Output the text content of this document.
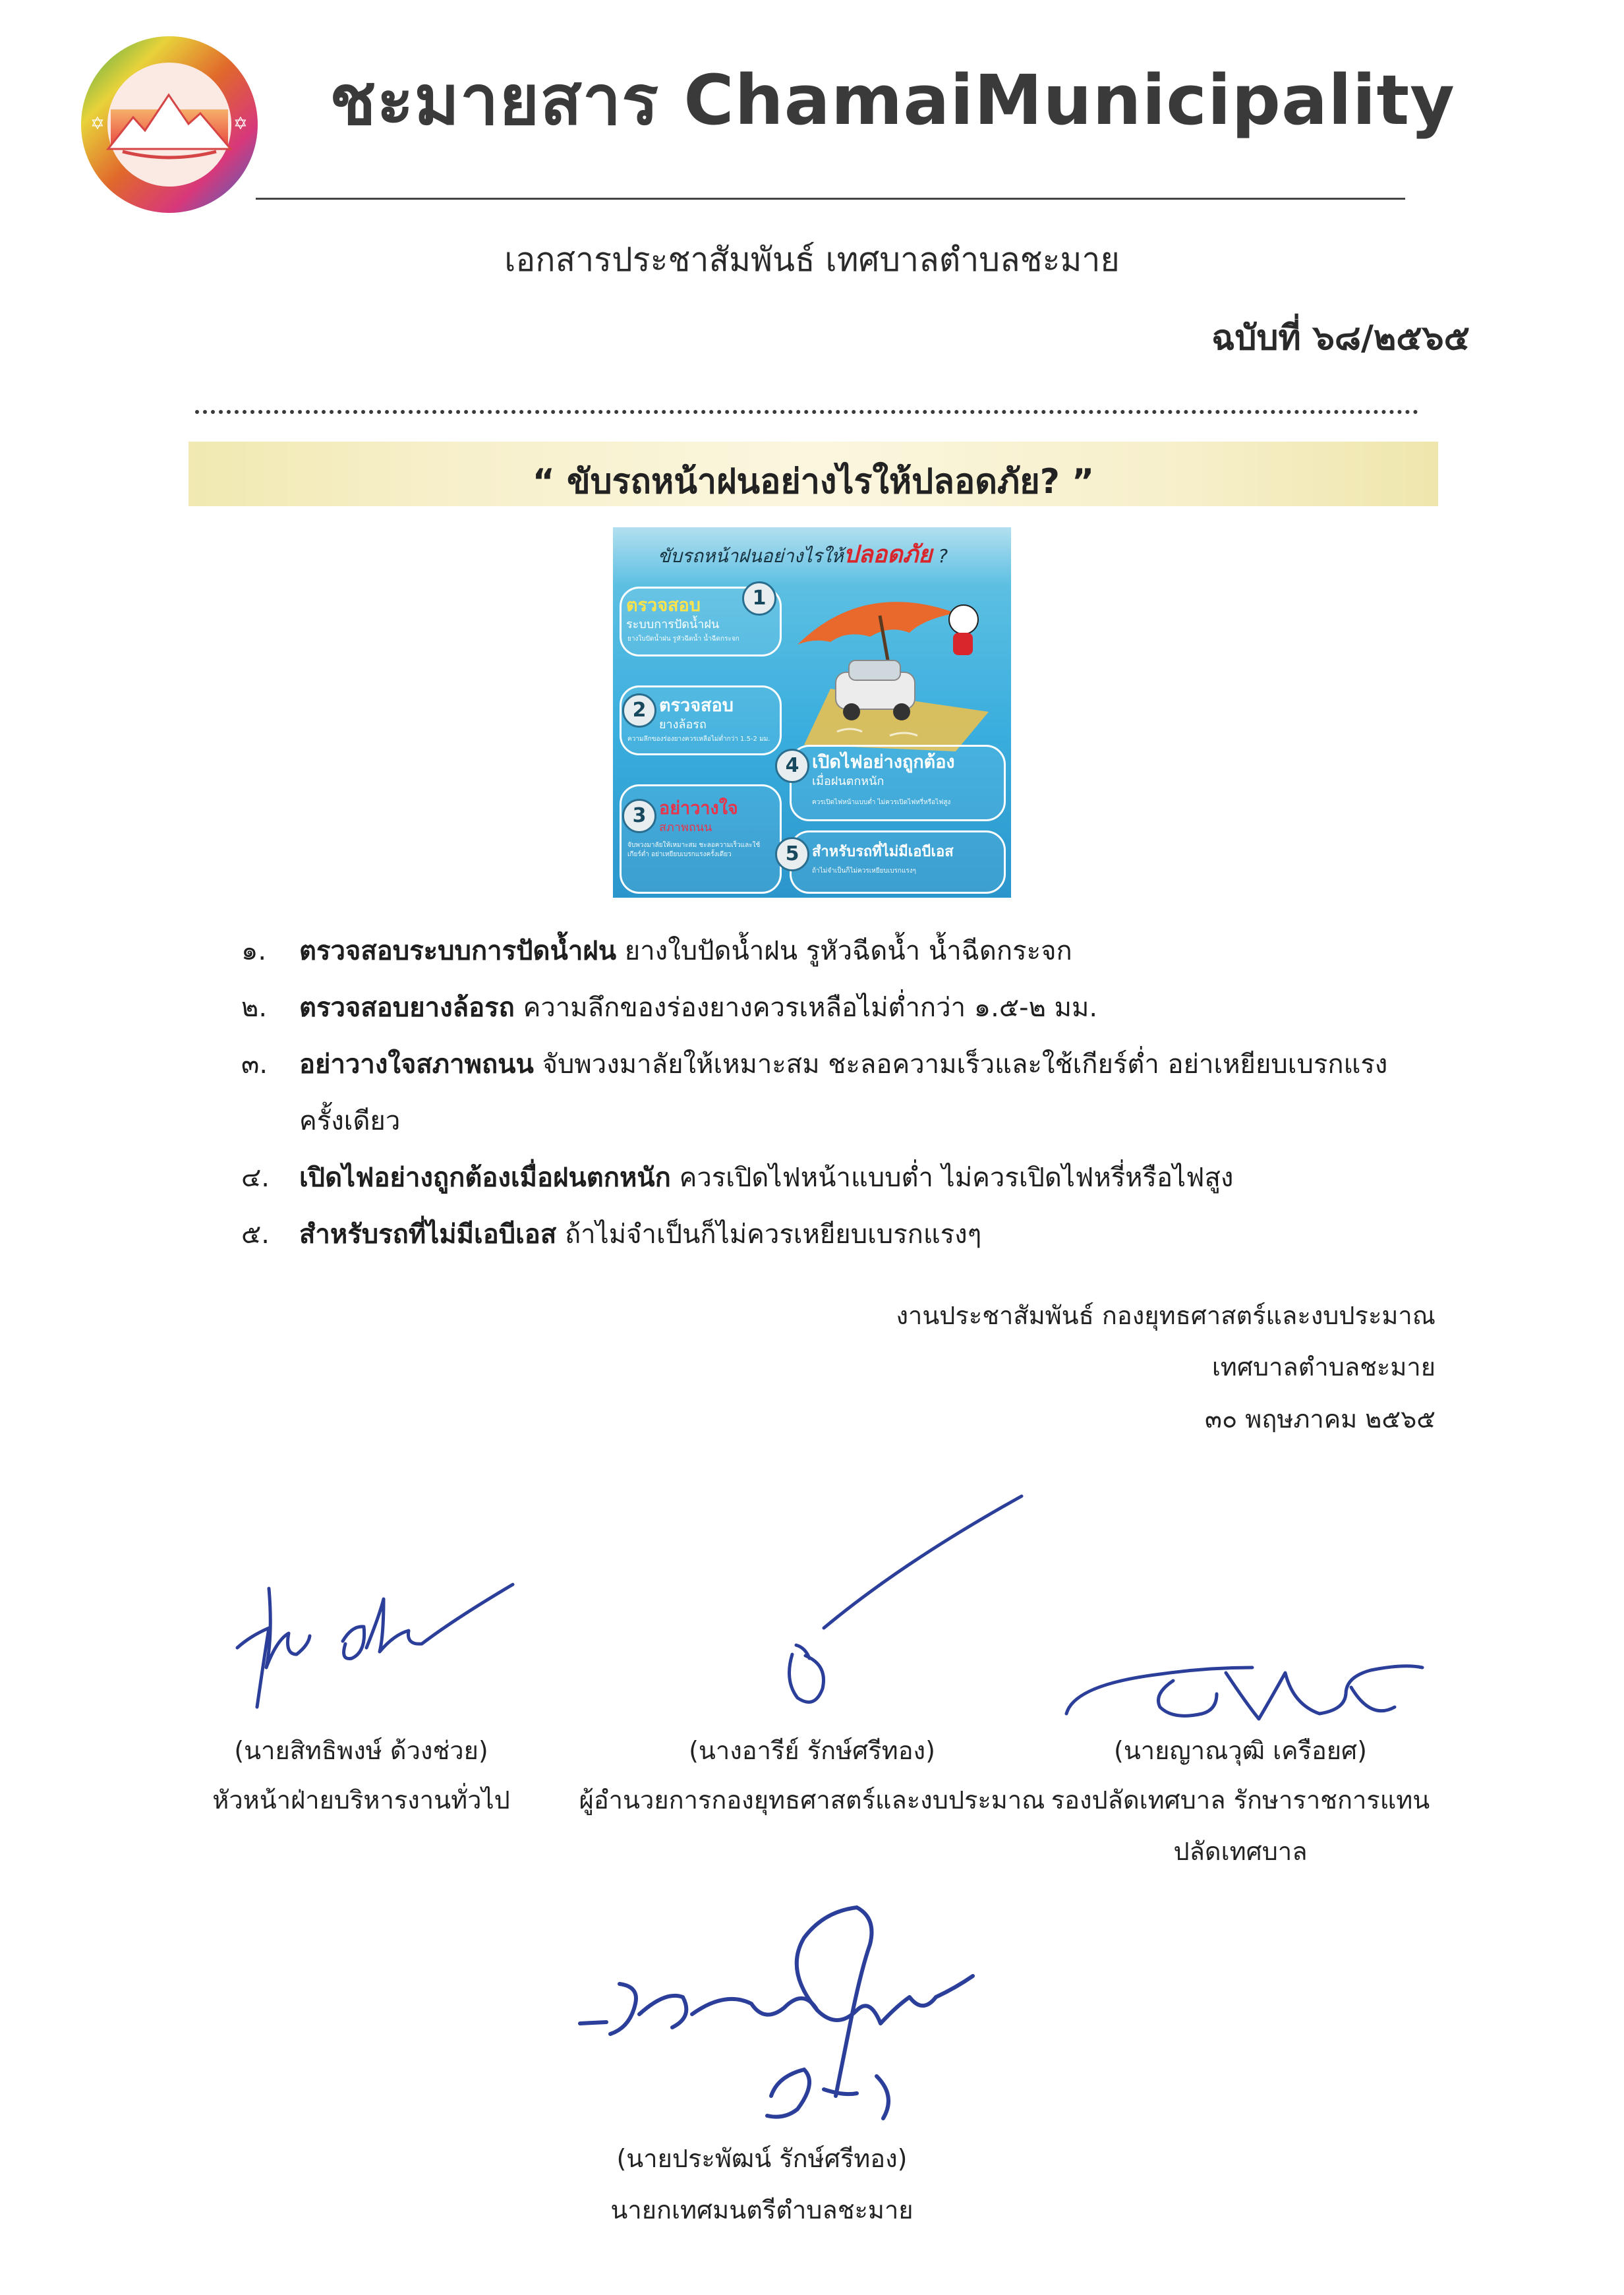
✡	✡ ชะมายสาร ChamaiMunicipality
เอกสารประชาสัมพันธ์ เทศบาลตำบลชะมาย
ฉบับที่ ๖๘/๒๕๖๕
“ ขับรถหน้าฝนอย่างไรให้ปลอดภัย? ”
ขับรถหน้าฝนอย่างไรให้ปลอดภัย ?
1
ตรวจสอบ
ระบบการปัดน้ำฝน
ยางใบปัดน้ำฝน รูหัวฉีดน้ำ น้ำฉีดกระจก
2 ตรวจสอบ
ยางล้อรถ
ความลึกของร่องยางควรเหลือไม่ต่ำกว่า 1.5-2 มม.
3 อย่าวางใจ
สภาพถนน
จับพวงมาลัยให้เหมาะสม ชะลอความเร็วและใช้เกียร์ต่ำ อย่าเหยียบเบรกแรงครั้งเดียว
4 เปิดไฟอย่างถูกต้อง
เมื่อฝนตกหนัก
ควรเปิดไฟหน้าแบบต่ำ ไม่ควรเปิดไฟหรี่หรือไฟสูง
5 สำหรับรถที่ไม่มีเอบีเอส
ถ้าไม่จำเป็นก็ไม่ควรเหยียบเบรกแรงๆ
๑. ตรวจสอบระบบการปัดน้ำฝน ยางใบปัดน้ำฝน รูหัวฉีดน้ำ น้ำฉีดกระจก
๒. ตรวจสอบยางล้อรถ ความลึกของร่องยางควรเหลือไม่ต่ำกว่า ๑.๕-๒ มม.
๓. อย่าวางใจสภาพถนน จับพวงมาลัยให้เหมาะสม ชะลอความเร็วและใช้เกียร์ต่ำ อย่าเหยียบเบรกแรง
ครั้งเดียว
๔. เปิดไฟอย่างถูกต้องเมื่อฝนตกหนัก ควรเปิดไฟหน้าแบบต่ำ ไม่ควรเปิดไฟหรี่หรือไฟสูง
๕. สำหรับรถที่ไม่มีเอบีเอส ถ้าไม่จำเป็นก็ไม่ควรเหยียบเบรกแรงๆ
งานประชาสัมพันธ์ กองยุทธศาสตร์และงบประมาณ
เทศบาลตำบลชะมาย
๓๐ พฤษภาคม ๒๕๖๕
(นายสิทธิพงษ์ ด้วงช่วย)
หัวหน้าฝ่ายบริหารงานทั่วไป
(นางอารีย์ รักษ์ศรีทอง)
ผู้อำนวยการกองยุทธศาสตร์และงบประมาณ
(นายญาณวุฒิ เครือยศ)
รองปลัดเทศบาล รักษาราชการแทน
ปลัดเทศบาล
(นายประพัฒน์ รักษ์ศรีทอง)
นายกเทศมนตรีตำบลชะมาย
